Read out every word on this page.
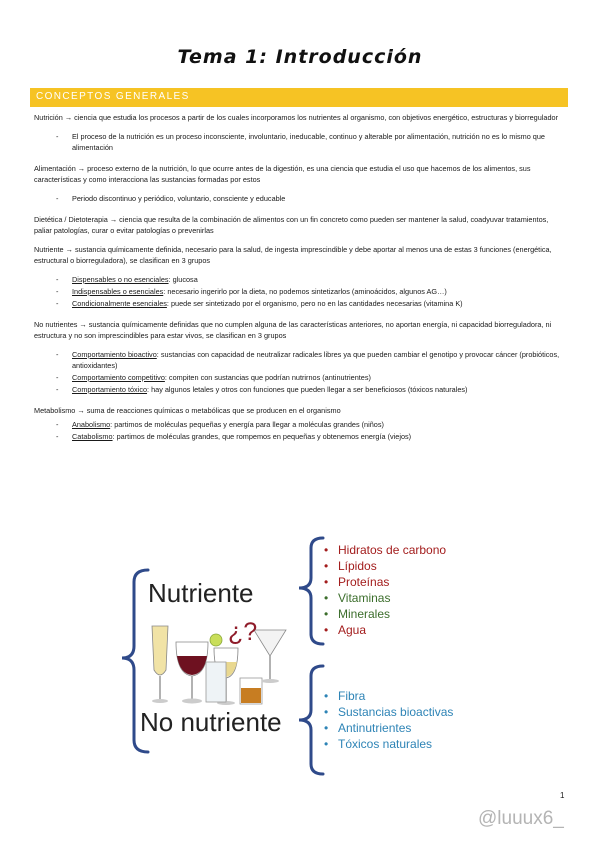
Tema 1: Introducción
CONCEPTOS GENERALES

Nutrición → ciencia que estudia los procesos a partir de los cuales incorporamos los nutrientes al organismo, con objetivos energético, estructuras y biorregulador

- El proceso de la nutrición es un proceso inconsciente, involuntario, ineducable, continuo y alterable por alimentación, nutrición no es lo mismo que alimentación

Alimentación → proceso externo de la nutrición, lo que ocurre antes de la digestión, es una ciencia que estudia el uso que hacemos de los alimentos, sus características y como interacciona las sustancias formadas por estos

- Periodo discontinuo y periódico, voluntario, consciente y educable

Dietética / Dietoterapia → ciencia que resulta de la combinación de alimentos con un fin concreto como pueden ser mantener la salud, coadyuvar tratamientos, paliar patologías, curar o evitar patologías o prevenirlas

Nutriente → sustancia químicamente definida, necesario para la salud, de ingesta imprescindible y debe aportar al menos una de estas 3 funciones (energética, estructural o biorreguladora), se clasifican en 3 grupos

- Dispensables o no esenciales: glucosa
- Indispensables o esenciales: necesario ingerirlo por la dieta, no podemos sintetizarlos (aminoácidos, algunos AG…)
- Condicionalmente esenciales: puede ser sintetizado por el organismo, pero no en las cantidades necesarias (vitamina K)

No nutrientes → sustancia químicamente definidas que no cumplen alguna de las características anteriores, no aportan energía, ni capacidad biorreguladora, ni estructura y no son imprescindibles para estar vivos, se clasifican en 3 grupos

- Comportamiento bioactivo: sustancias con capacidad de neutralizar radicales libres ya que pueden cambiar el genotipo y provocar cáncer (probióticos, antioxidantes)
- Comportamiento competitivo: compiten con sustancias que podrían nutrirnos (antinutrientes)
- Comportamiento tóxico: hay algunos letales y otros con funciones que pueden llegar a ser beneficiosos (tóxicos naturales)

Metabolismo → suma de reacciones químicas o metabólicas que se producen en el organismo

- Anabolismo: partimos de moléculas pequeñas y energía para llegar a moléculas grandes (niños)
- Catabolismo: partimos de moléculas grandes, que rompemos en pequeñas y obtenemos energía (viejos)
Nutriente
¿?
No nutriente
• Hidratos de carbono
• Lípidos
• Proteínas
• Vitaminas
• Minerales
• Agua
• Fibra
• Sustancias bioactivas
• Antinutrientes
• Tóxicos naturales
1
@luuux6_
